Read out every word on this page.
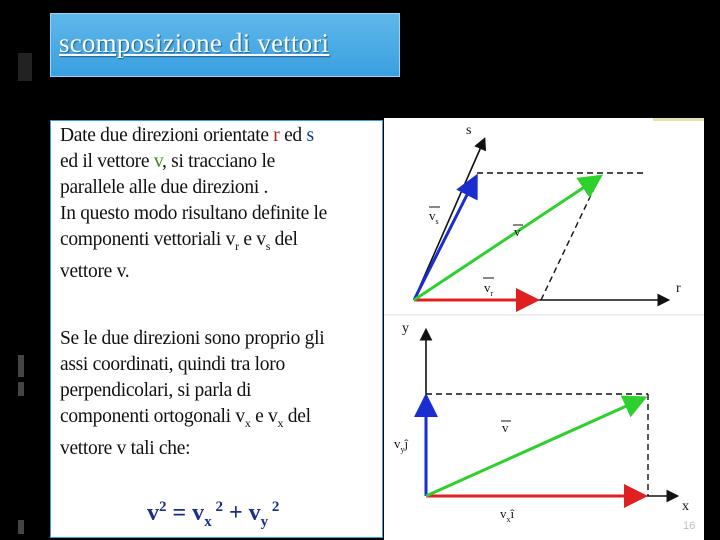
scomposizione di vettori
Date due direzioni orientate r ed s
ed il vettore v, si tracciano le
parallele alle due direzioni .
In questo modo risultano definite le
componenti vettoriali $v_r$ e $v_s$ del
vettore v.
Se le due direzioni sono proprio gli
assi coordinati, quindi tra loro
perpendicolari, si parla di
componenti ortogonali $v_x$ e $v_x$ del
vettore v tali che:
$v^2 = v_x$ $^2 + v_y$ $^2$
s
r
$v_s$
v
$v_r$
y
x
$v_yĵ$
v
$v_xî$
16
